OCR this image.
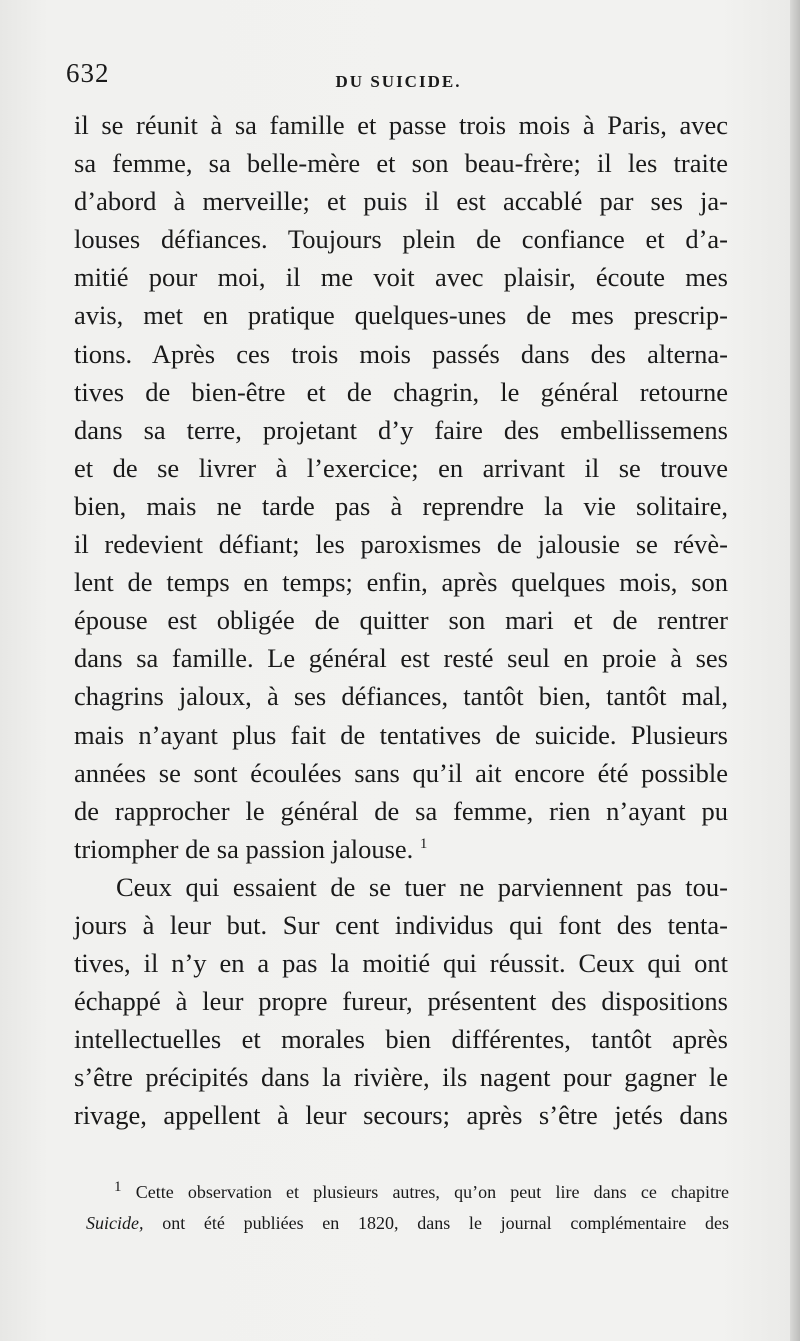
632	DU SUICIDE.
il se réunit à sa famille et passe trois mois à Paris, avec
sa femme, sa belle-mère et son beau-frère; il les traite
d’abord à merveille; et puis il est accablé par ses ja-
louses défiances. Toujours plein de confiance et d’a-
mitié pour moi, il me voit avec plaisir, écoute mes
avis, met en pratique quelques-unes de mes prescrip-
tions. Après ces trois mois passés dans des alterna-
tives de bien-être et de chagrin, le général retourne
dans sa terre, projetant d’y faire des embellissemens
et de se livrer à l’exercice; en arrivant il se trouve
bien, mais ne tarde pas à reprendre la vie solitaire,
il redevient défiant; les paroxismes de jalousie se révè-
lent de temps en temps; enfin, après quelques mois, son
épouse est obligée de quitter son mari et de rentrer
dans sa famille. Le général est resté seul en proie à ses
chagrins jaloux, à ses défiances, tantôt bien, tantôt mal,
mais n’ayant plus fait de tentatives de suicide. Plusieurs
années se sont écoulées sans qu’il ait encore été possible
de rapprocher le général de sa femme, rien n’ayant pu
triompher de sa passion jalouse. $^1$
Ceux qui essaient de se tuer ne parviennent pas tou-
jours à leur but. Sur cent individus qui font des tenta-
tives, il n’y en a pas la moitié qui réussit. Ceux qui ont
échappé à leur propre fureur, présentent des dispositions
intellectuelles et morales bien différentes, tantôt après
s’être précipités dans la rivière, ils nagent pour gagner le
rivage, appellent à leur secours; après s’être jetés dans
$^1$ Cette observation et plusieurs autres, qu’on peut lire dans ce chapitre
Suicide, ont été publiées en 1820, dans le journal complémentaire des
